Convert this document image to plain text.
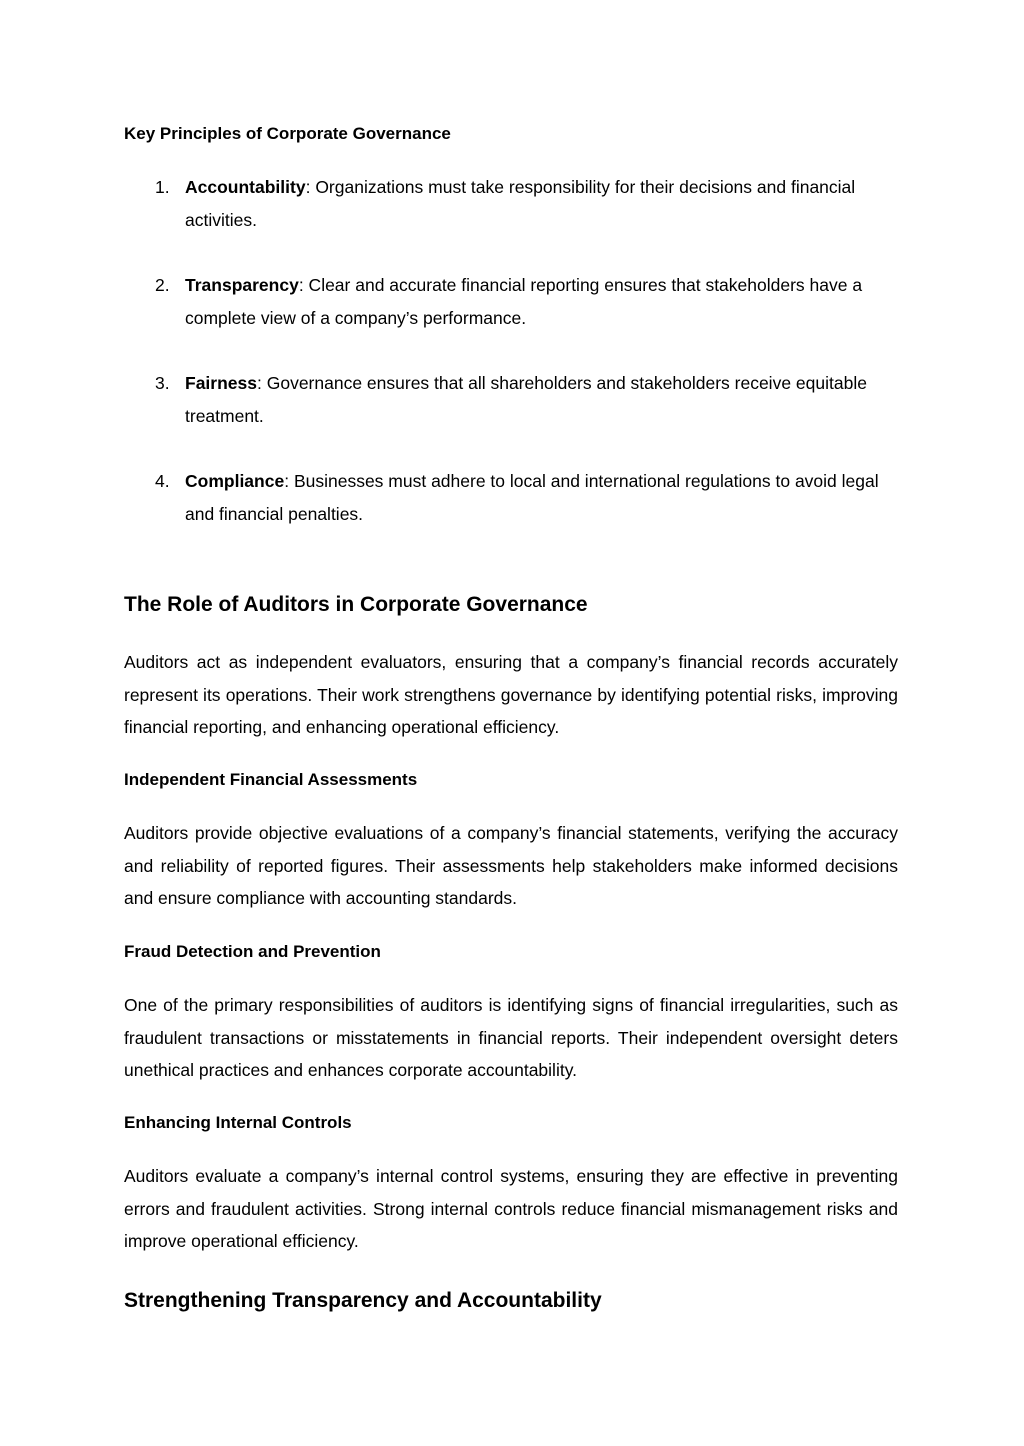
Key Principles of Corporate Governance
1. Accountability: Organizations must take responsibility for their decisions and financial activities.
2. Transparency: Clear and accurate financial reporting ensures that stakeholders have a complete view of a company’s performance.
3. Fairness: Governance ensures that all shareholders and stakeholders receive equitable treatment.
4. Compliance: Businesses must adhere to local and international regulations to avoid legal and financial penalties.
The Role of Auditors in Corporate Governance

Auditors act as independent evaluators, ensuring that a company’s financial records accurately represent its operations. Their work strengthens governance by identifying potential risks, improving financial reporting, and enhancing operational efficiency.

Independent Financial Assessments

Auditors provide objective evaluations of a company’s financial statements, verifying the accuracy and reliability of reported figures. Their assessments help stakeholders make informed decisions and ensure compliance with accounting standards.

Fraud Detection and Prevention

One of the primary responsibilities of auditors is identifying signs of financial irregularities, such as fraudulent transactions or misstatements in financial reports. Their independent oversight deters unethical practices and enhances corporate accountability.

Enhancing Internal Controls

Auditors evaluate a company’s internal control systems, ensuring they are effective in preventing errors and fraudulent activities. Strong internal controls reduce financial mismanagement risks and improve operational efficiency.

Strengthening Transparency and Accountability
